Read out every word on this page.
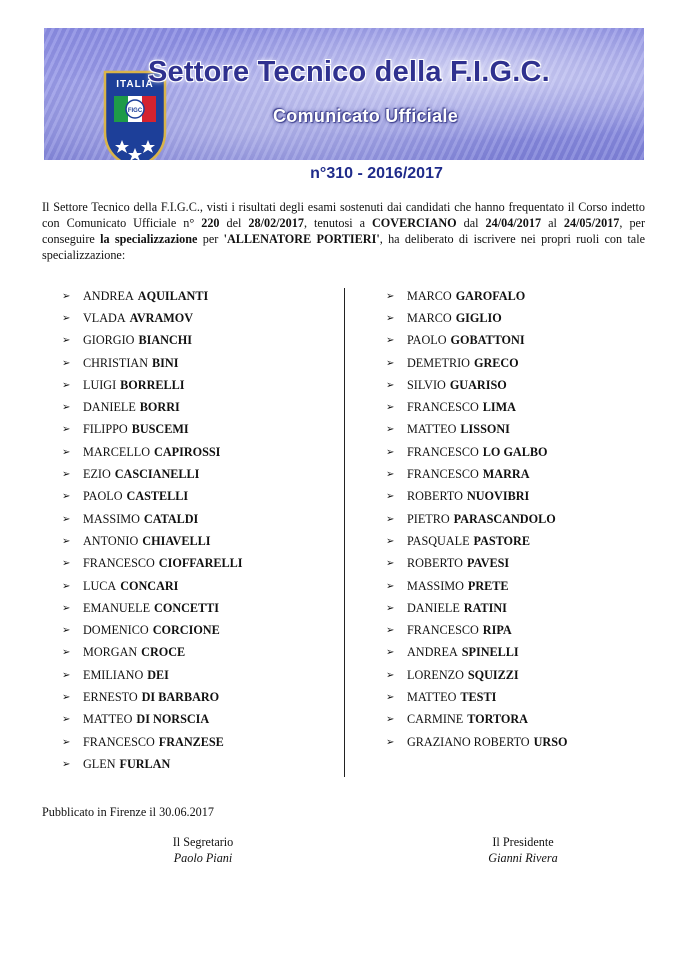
ITALIA
FIGC
Settore Tecnico della F.I.G.C.
Comunicato Ufficiale
n°310 - 2016/2017
Il Settore Tecnico della F.I.G.C., visti i risultati degli esami sostenuti dai candidati che hanno frequentato il Corso indetto con Comunicato Ufficiale n° 220 del 28/02/2017, tenutosi a COVERCIANO dal 24/04/2017 al 24/05/2017, per conseguire la specializzazione per 'ALLENATORE PORTIERI', ha deliberato di iscrivere nei propri ruoli con tale specializzazione:
➢	ANDREA AQUILANTI
➢	VLADA AVRAMOV
➢	GIORGIO BIANCHI
➢	CHRISTIAN BINI
➢	LUIGI BORRELLI
➢	DANIELE BORRI
➢	FILIPPO BUSCEMI
➢	MARCELLO CAPIROSSI
➢	EZIO CASCIANELLI
➢	PAOLO CASTELLI
➢	MASSIMO CATALDI
➢	ANTONIO CHIAVELLI
➢	FRANCESCO CIOFFARELLI
➢	LUCA CONCARI
➢	EMANUELE CONCETTI
➢	DOMENICO CORCIONE
➢	MORGAN CROCE
➢	EMILIANO DEI
➢	ERNESTO DI BARBARO
➢	MATTEO DI NORSCIA
➢	FRANCESCO FRANZESE
➢	GLEN FURLAN
➢	MARCO GAROFALO
➢	MARCO GIGLIO
➢	PAOLO GOBATTONI
➢	DEMETRIO GRECO
➢	SILVIO GUARISO
➢	FRANCESCO LIMA
➢	MATTEO LISSONI
➢	FRANCESCO LO GALBO
➢	FRANCESCO MARRA
➢	ROBERTO NUOVIBRI
➢	PIETRO PARASCANDOLO
➢	PASQUALE PASTORE
➢	ROBERTO PAVESI
➢	MASSIMO PRETE
➢	DANIELE RATINI
➢	FRANCESCO RIPA
➢	ANDREA SPINELLI
➢	LORENZO SQUIZZI
➢	MATTEO TESTI
➢	CARMINE TORTORA
➢	GRAZIANO ROBERTO URSO
Pubblicato in Firenze il 30.06.2017
Il Segretario
Paolo Piani
Il Presidente
Gianni Rivera
